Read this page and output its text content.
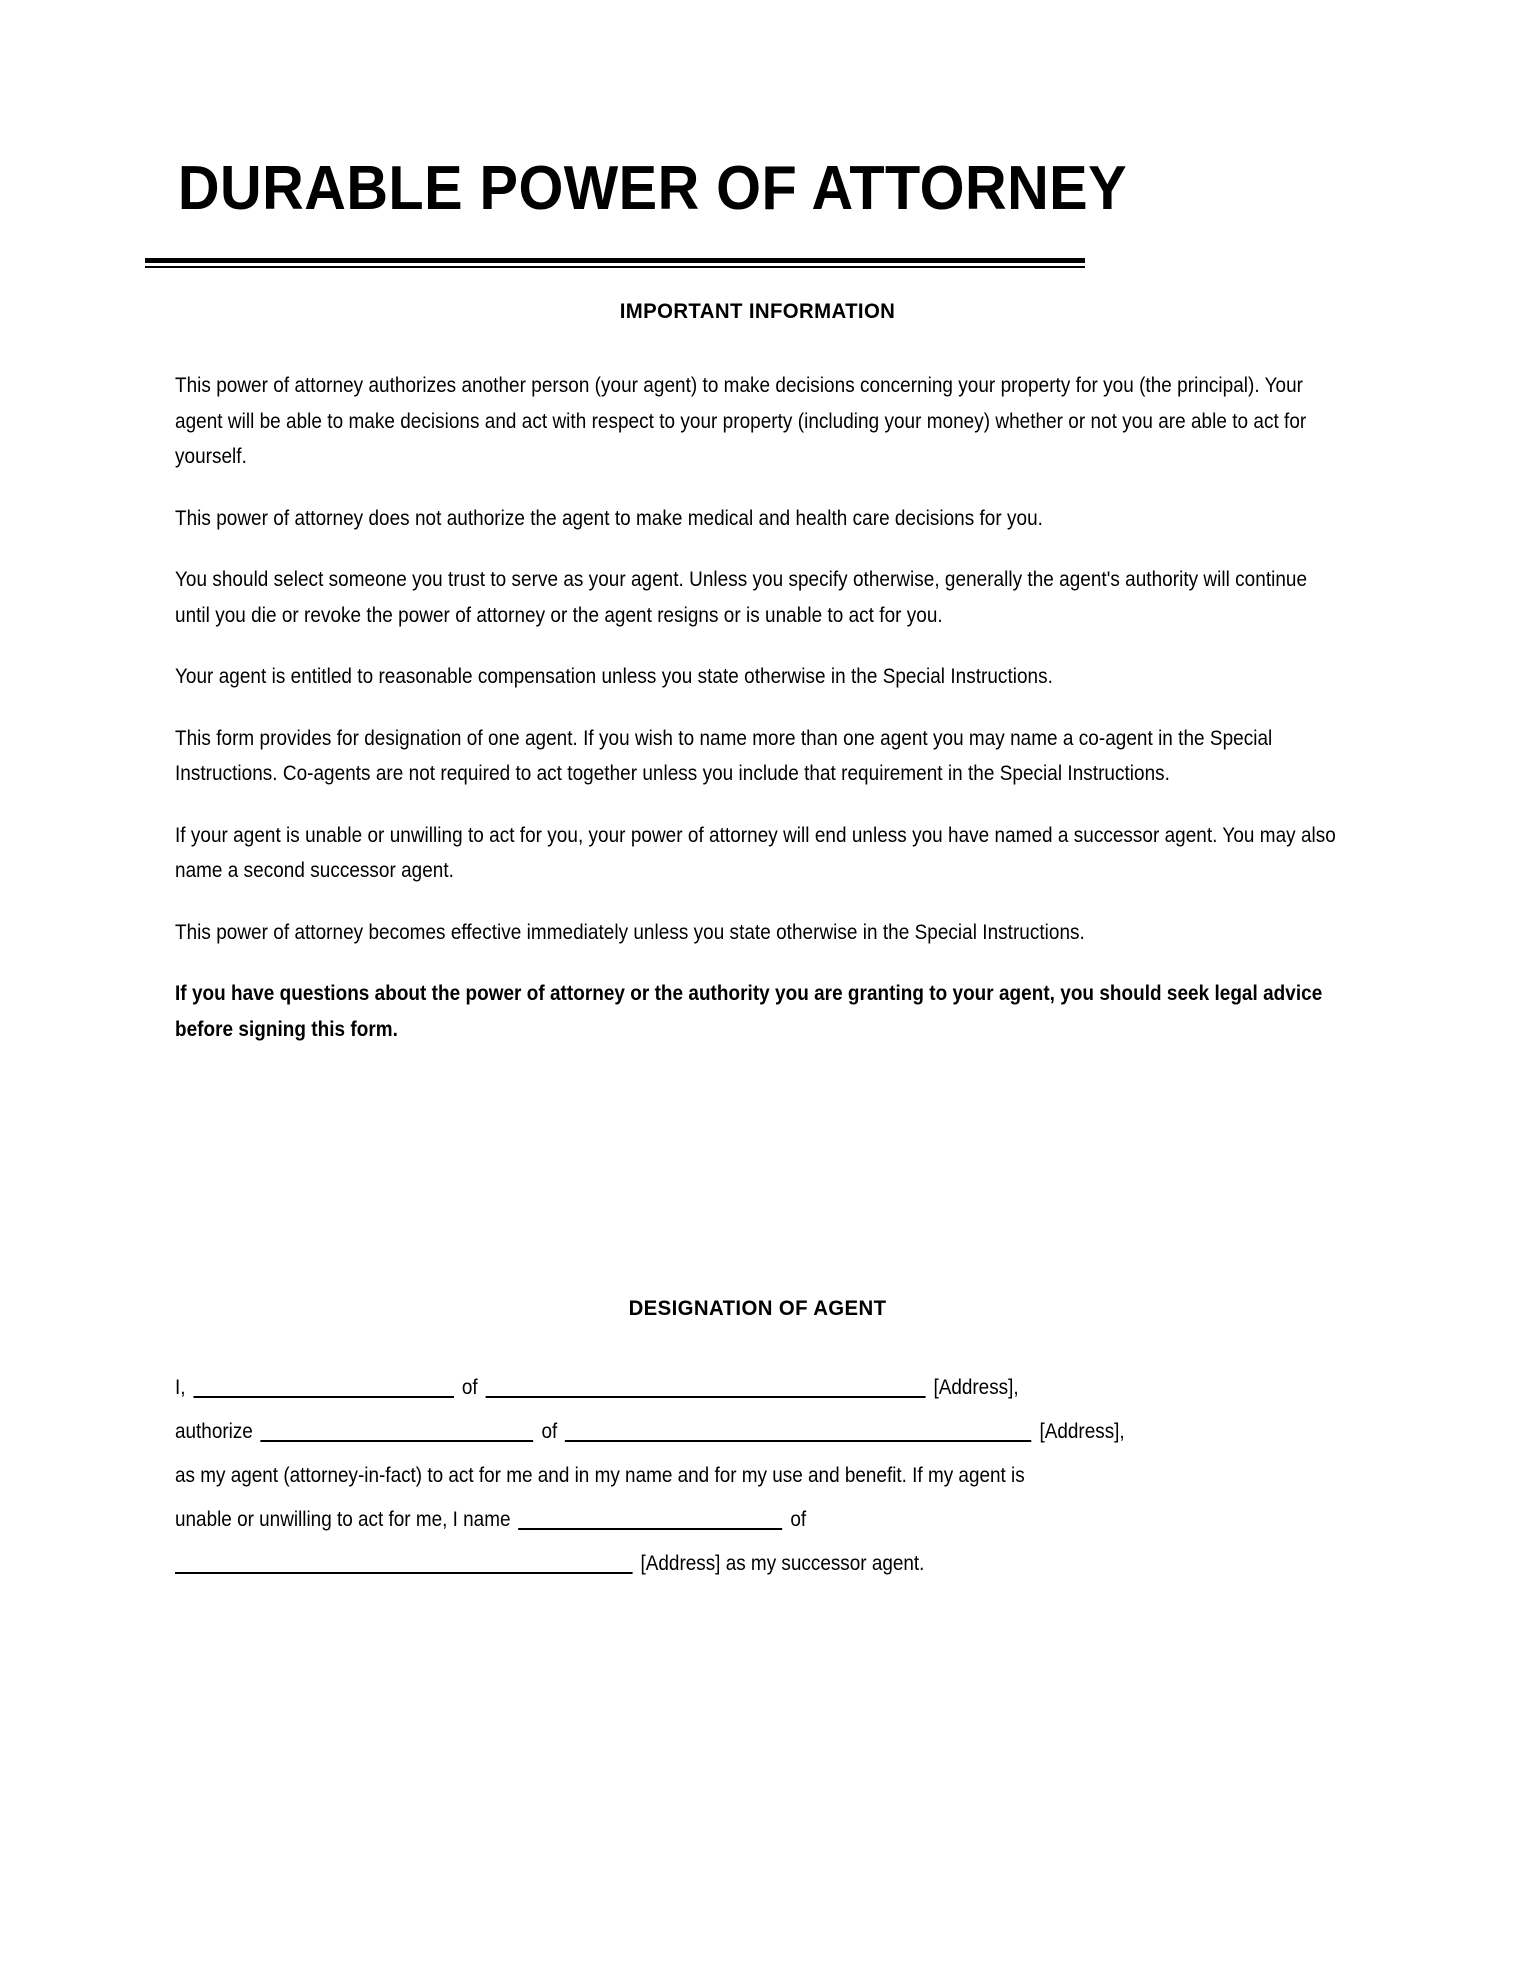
DURABLE POWER OF ATTORNEY
IMPORTANT INFORMATION

This power of attorney authorizes another person (your agent) to make decisions concerning your property for you (the principal). Your agent will be able to make decisions and act with respect to your property (including your money) whether or not you are able to act for yourself.

This power of attorney does not authorize the agent to make medical and health care decisions for you.

You should select someone you trust to serve as your agent. Unless you specify otherwise, generally the agent's authority will continue until you die or revoke the power of attorney or the agent resigns or is unable to act for you.

Your agent is entitled to reasonable compensation unless you state otherwise in the Special Instructions.

This form provides for designation of one agent. If you wish to name more than one agent you may name a co-agent in the Special Instructions. Co-agents are not required to act together unless you include that requirement in the Special Instructions.

If your agent is unable or unwilling to act for you, your power of attorney will end unless you have named a successor agent. You may also name a second successor agent.

This power of attorney becomes effective immediately unless you state otherwise in the Special Instructions.

If you have questions about the power of attorney or the authority you are granting to your agent, you should seek legal advice before signing this form.

DESIGNATION OF AGENT
I,	of	[Address],
authorize	of	[Address],
as my agent (attorney-in-fact) to act for me and in my name and for my use and benefit. If my agent is
unable or unwilling to act for me, I name	of
[Address] as my successor agent.
